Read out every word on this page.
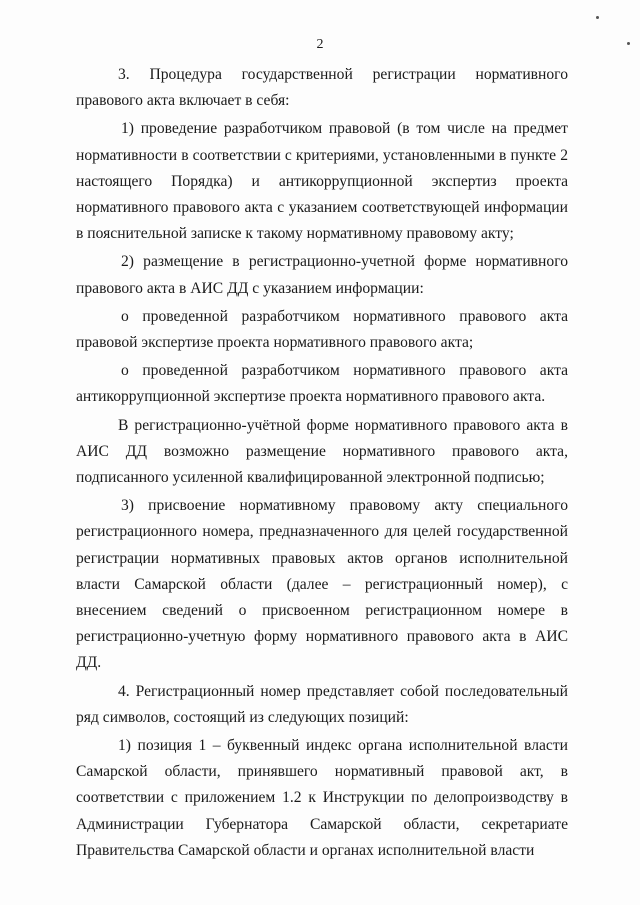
2

3. Процедура государственной регистрации нормативного правового акта включает в себя:

1) проведение разработчиком правовой (в том числе на предмет нормативности в соответствии с критериями, установленными в пункте 2 настоящего Порядка) и антикоррупционной экспертиз проекта нормативного правового акта с указанием соответствующей информации в пояснительной записке к такому нормативному правовому акту;

2) размещение в регистрационно-учетной форме нормативного правового акта в АИС ДД с указанием информации:

о проведенной разработчиком нормативного правового акта правовой экспертизе проекта нормативного правового акта;

о проведенной разработчиком нормативного правового акта антикоррупционной экспертизе проекта нормативного правового акта.

В регистрационно-учётной форме нормативного правового акта в АИС ДД возможно размещение нормативного правового акта, подписанного усиленной квалифицированной электронной подписью;

3) присвоение нормативному правовому акту специального регистрационного номера, предназначенного для целей государственной регистрации нормативных правовых актов органов исполнительной власти Самарской области (далее – регистрационный номер), с внесением сведений о присвоенном регистрационном номере в регистрационно-учетную форму нормативного правового акта в АИС ДД.

4. Регистрационный номер представляет собой последовательный ряд символов, состоящий из следующих позиций:

1) позиция 1 – буквенный индекс органа исполнительной власти Самарской области, принявшего нормативный правовой акт, в соответствии с приложением 1.2 к Инструкции по делопроизводству в Администрации Губернатора Самарской области, секретариате Правительства Самарской области и органах исполнительной власти
